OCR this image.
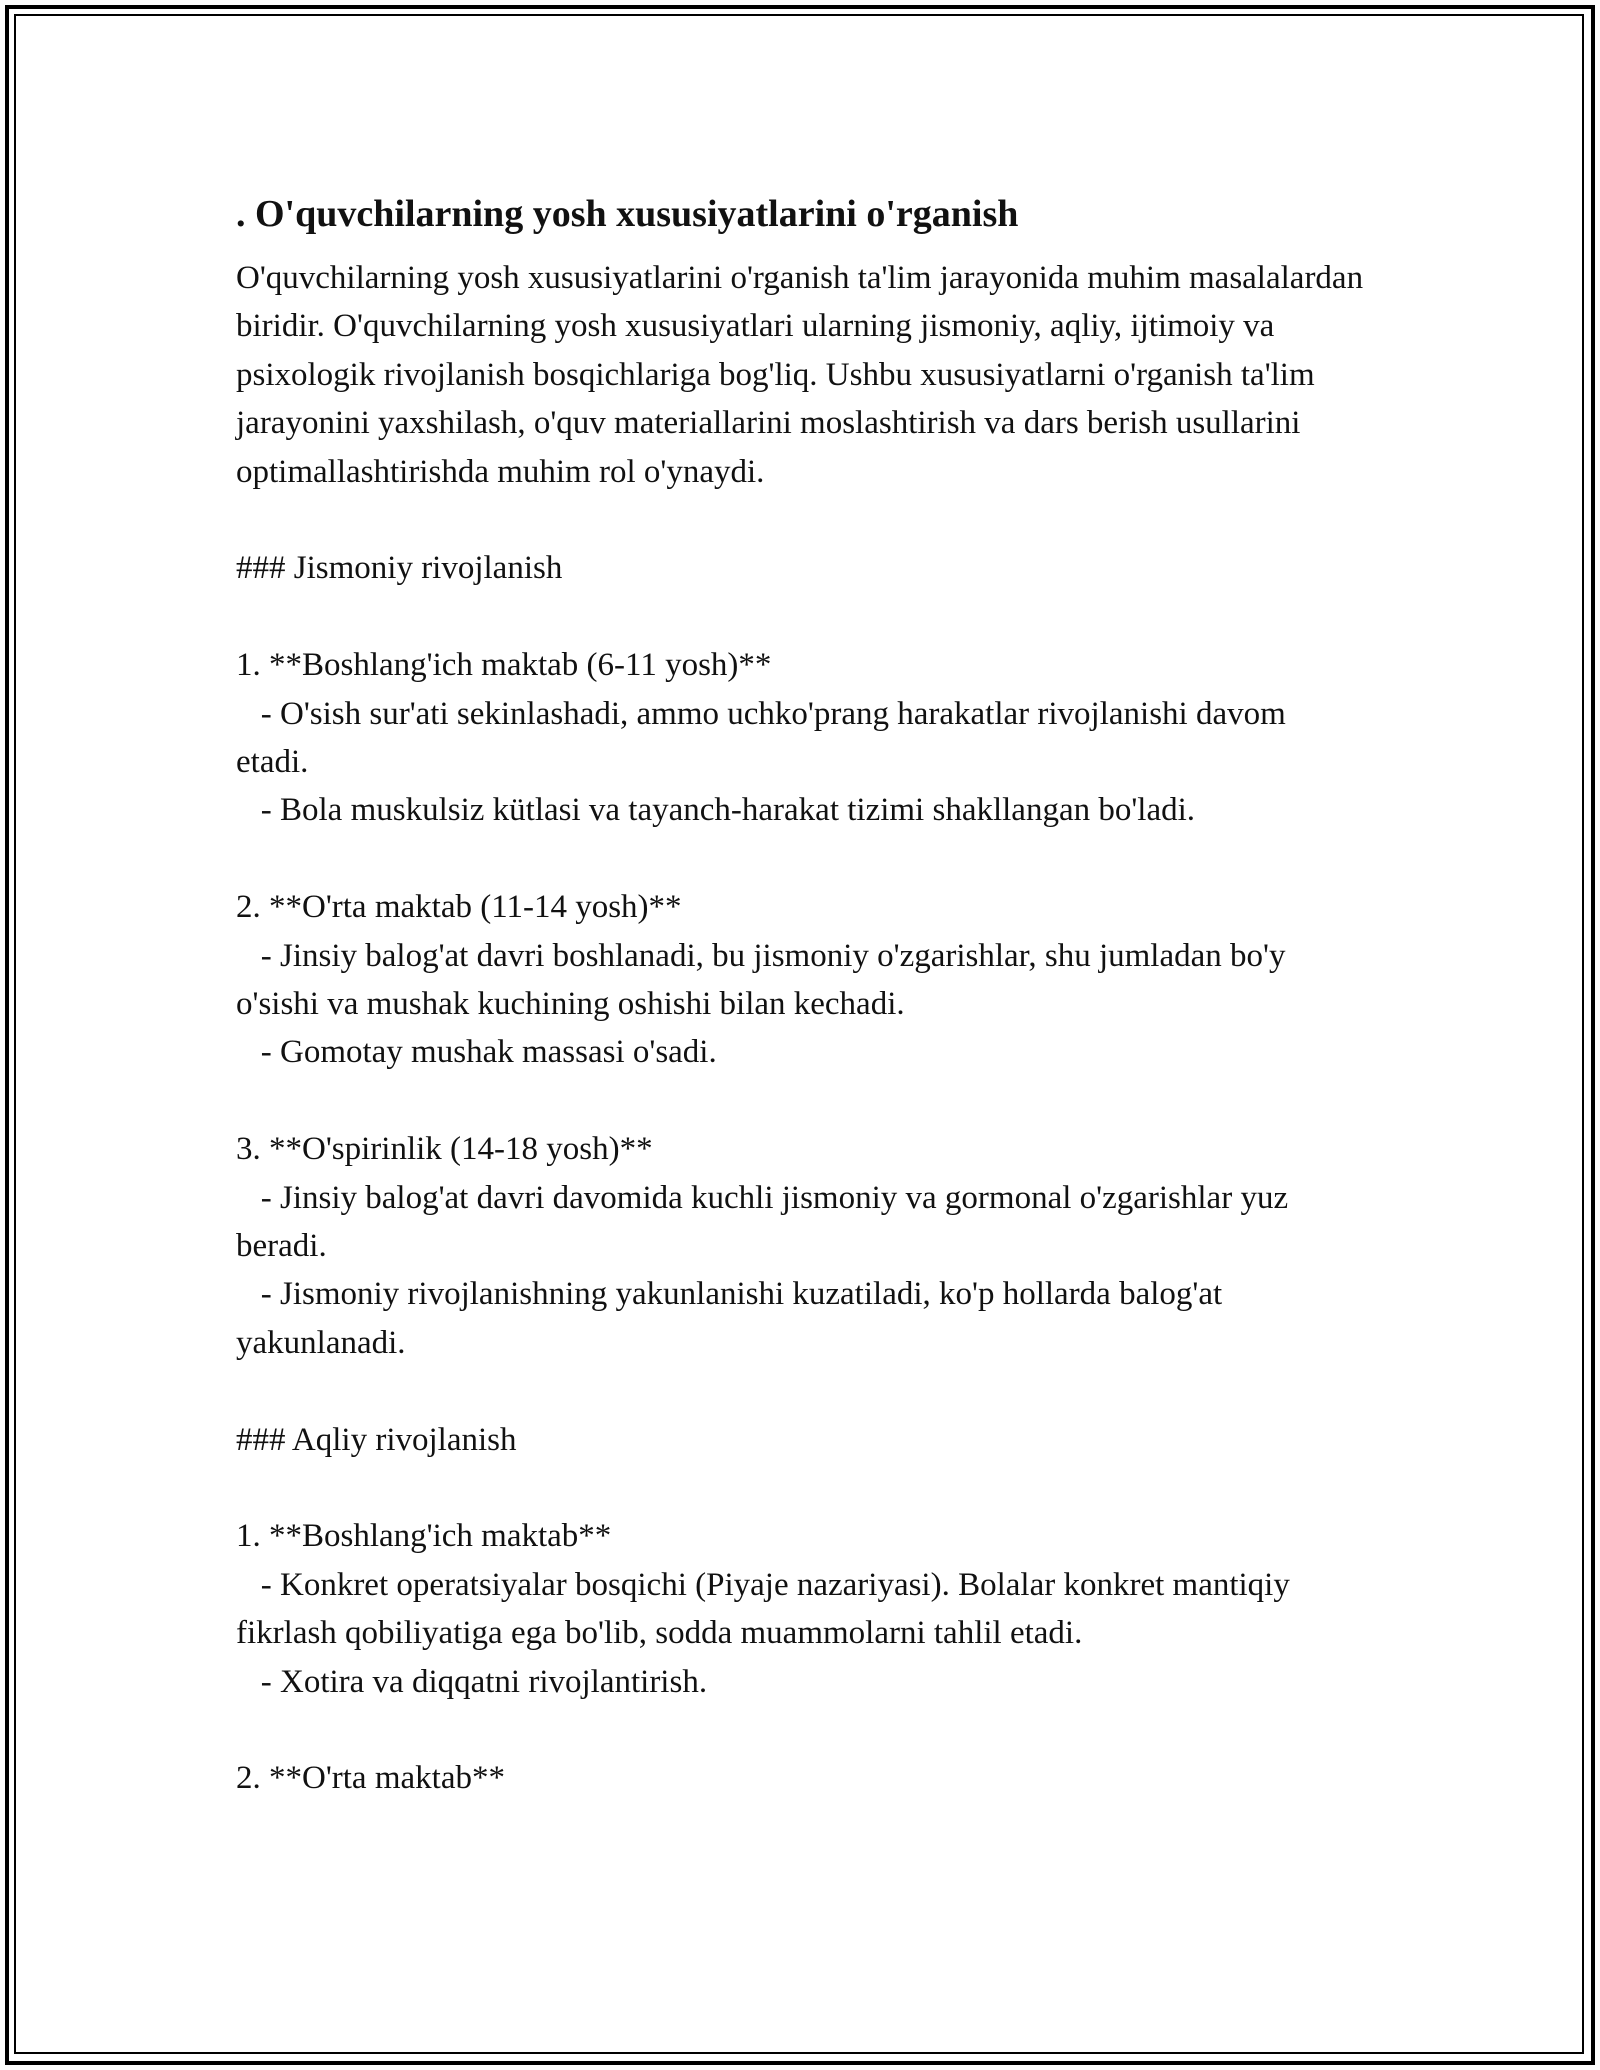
. O'quvchilarning yosh xususiyatlarini o'rganish

O'quvchilarning yosh xususiyatlarini o'rganish ta'lim jarayonida muhim masalalardan biridir. O'quvchilarning yosh xususiyatlari ularning jismoniy, aqliy, ijtimoiy va psixologik rivojlanish bosqichlariga bog'liq. Ushbu xususiyatlarni o'rganish ta'lim jarayonini yaxshilash, o'quv materiallarini moslashtirish va dars berish usullarini optimallashtirishda muhim rol o'ynaydi.

### Jismoniy rivojlanish

1. **Boshlang'ich maktab (6-11 yosh)**

- O'sish sur'ati sekinlashadi, ammo uchko'prang harakatlar rivojlanishi davom etadi.

- Bola muskulsiz kütlasi va tayanch-harakat tizimi shakllangan bo'ladi.

2. **O'rta maktab (11-14 yosh)**

- Jinsiy balog'at davri boshlanadi, bu jismoniy o'zgarishlar, shu jumladan bo'y o'sishi va mushak kuchining oshishi bilan kechadi.

- Gomotay mushak massasi o'sadi.

3. **O'spirinlik (14-18 yosh)**

- Jinsiy balog'at davri davomida kuchli jismoniy va gormonal o'zgarishlar yuz beradi.

- Jismoniy rivojlanishning yakunlanishi kuzatiladi, ko'p hollarda balog'at yakunlanadi.

### Aqliy rivojlanish

1. **Boshlang'ich maktab**

- Konkret operatsiyalar bosqichi (Piyaje nazariyasi). Bolalar konkret mantiqiy fikrlash qobiliyatiga ega bo'lib, sodda muammolarni tahlil etadi.

- Xotira va diqqatni rivojlantirish.

2. **O'rta maktab**
